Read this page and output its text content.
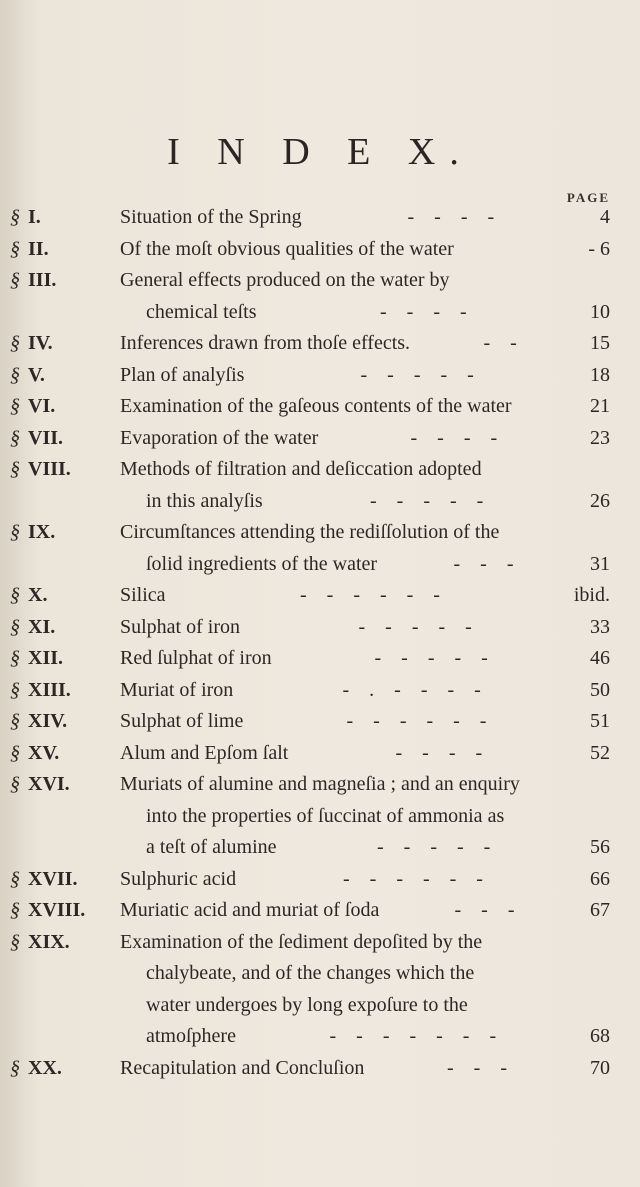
I N D E X.
PAGE
§ I.	Situation of the Spring	- - - -	4
§ II.	Of the moſt obvious qualities of the water	- 6
§ III.	General effects produced on the water by
chemical teſts	- - - -	10
§ IV.	Inferences drawn from thoſe effects.	- -	15
§ V.	Plan of analyſis	- - - - -	18
§ VI.	Examination of the gaſeous contents of the water	21
§ VII.	Evaporation of the water	- - - -	23
§ VIII. Methods of filtration and deſiccation adopted
in this analyſis	- - - - -	26
§ IX.	Circumſtances attending the rediſſolution of the
ſolid ingredients of the water	- - -	31
§ X.	Silica	- - - - - -	ibid.
§ XI.	Sulphat of iron	- - - - -	33
§ XII.	Red ſulphat of iron	- - - - -	46
§ XIII. Muriat of iron	- . - - - -	50
§ XIV.	Sulphat of lime	- - - - - -	51
§ XV.	Alum and Epſom ſalt	- - - -	52
§ XVI.	Muriats of alumine and magneſia ; and an enquiry
into the properties of ſuccinat of ammonia as
a teſt of alumine	- - - - -	56
§ XVII. Sulphuric acid	- - - - - -	66
§ XVIII. Muriatic acid and muriat of ſoda	- - -	67
§ XIX.	Examination of the ſediment depoſited by the
chalybeate, and of the changes which the
water undergoes by long expoſure to the
atmoſphere	- - - - - - -	68
§ XX.	Recapitulation and Concluſion	- - -	70
